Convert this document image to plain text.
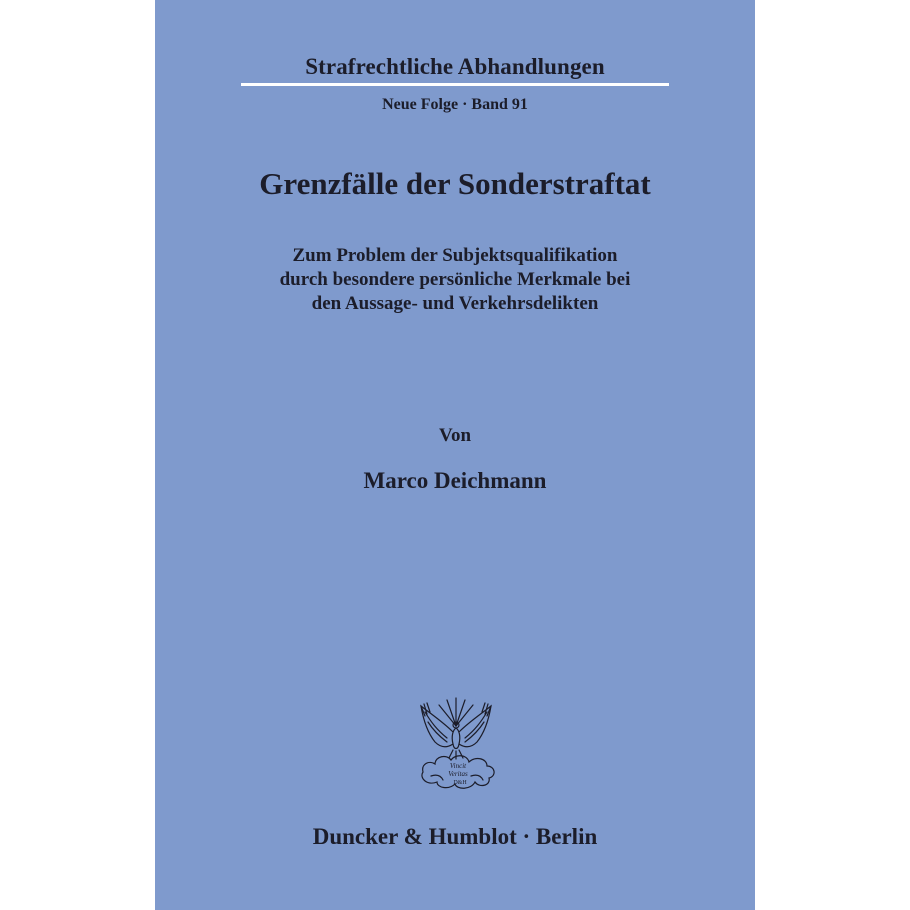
Strafrechtliche Abhandlungen
Neue Folge · Band 91
Grenzfälle der Sonderstraftat
Zum Problem der Subjektsqualifikation
durch besondere persönliche Merkmale bei
den Aussage- und Verkehrsdelikten
Von
Marco Deichmann
Vincit
Veritas
D&H
Duncker & Humblot · Berlin
